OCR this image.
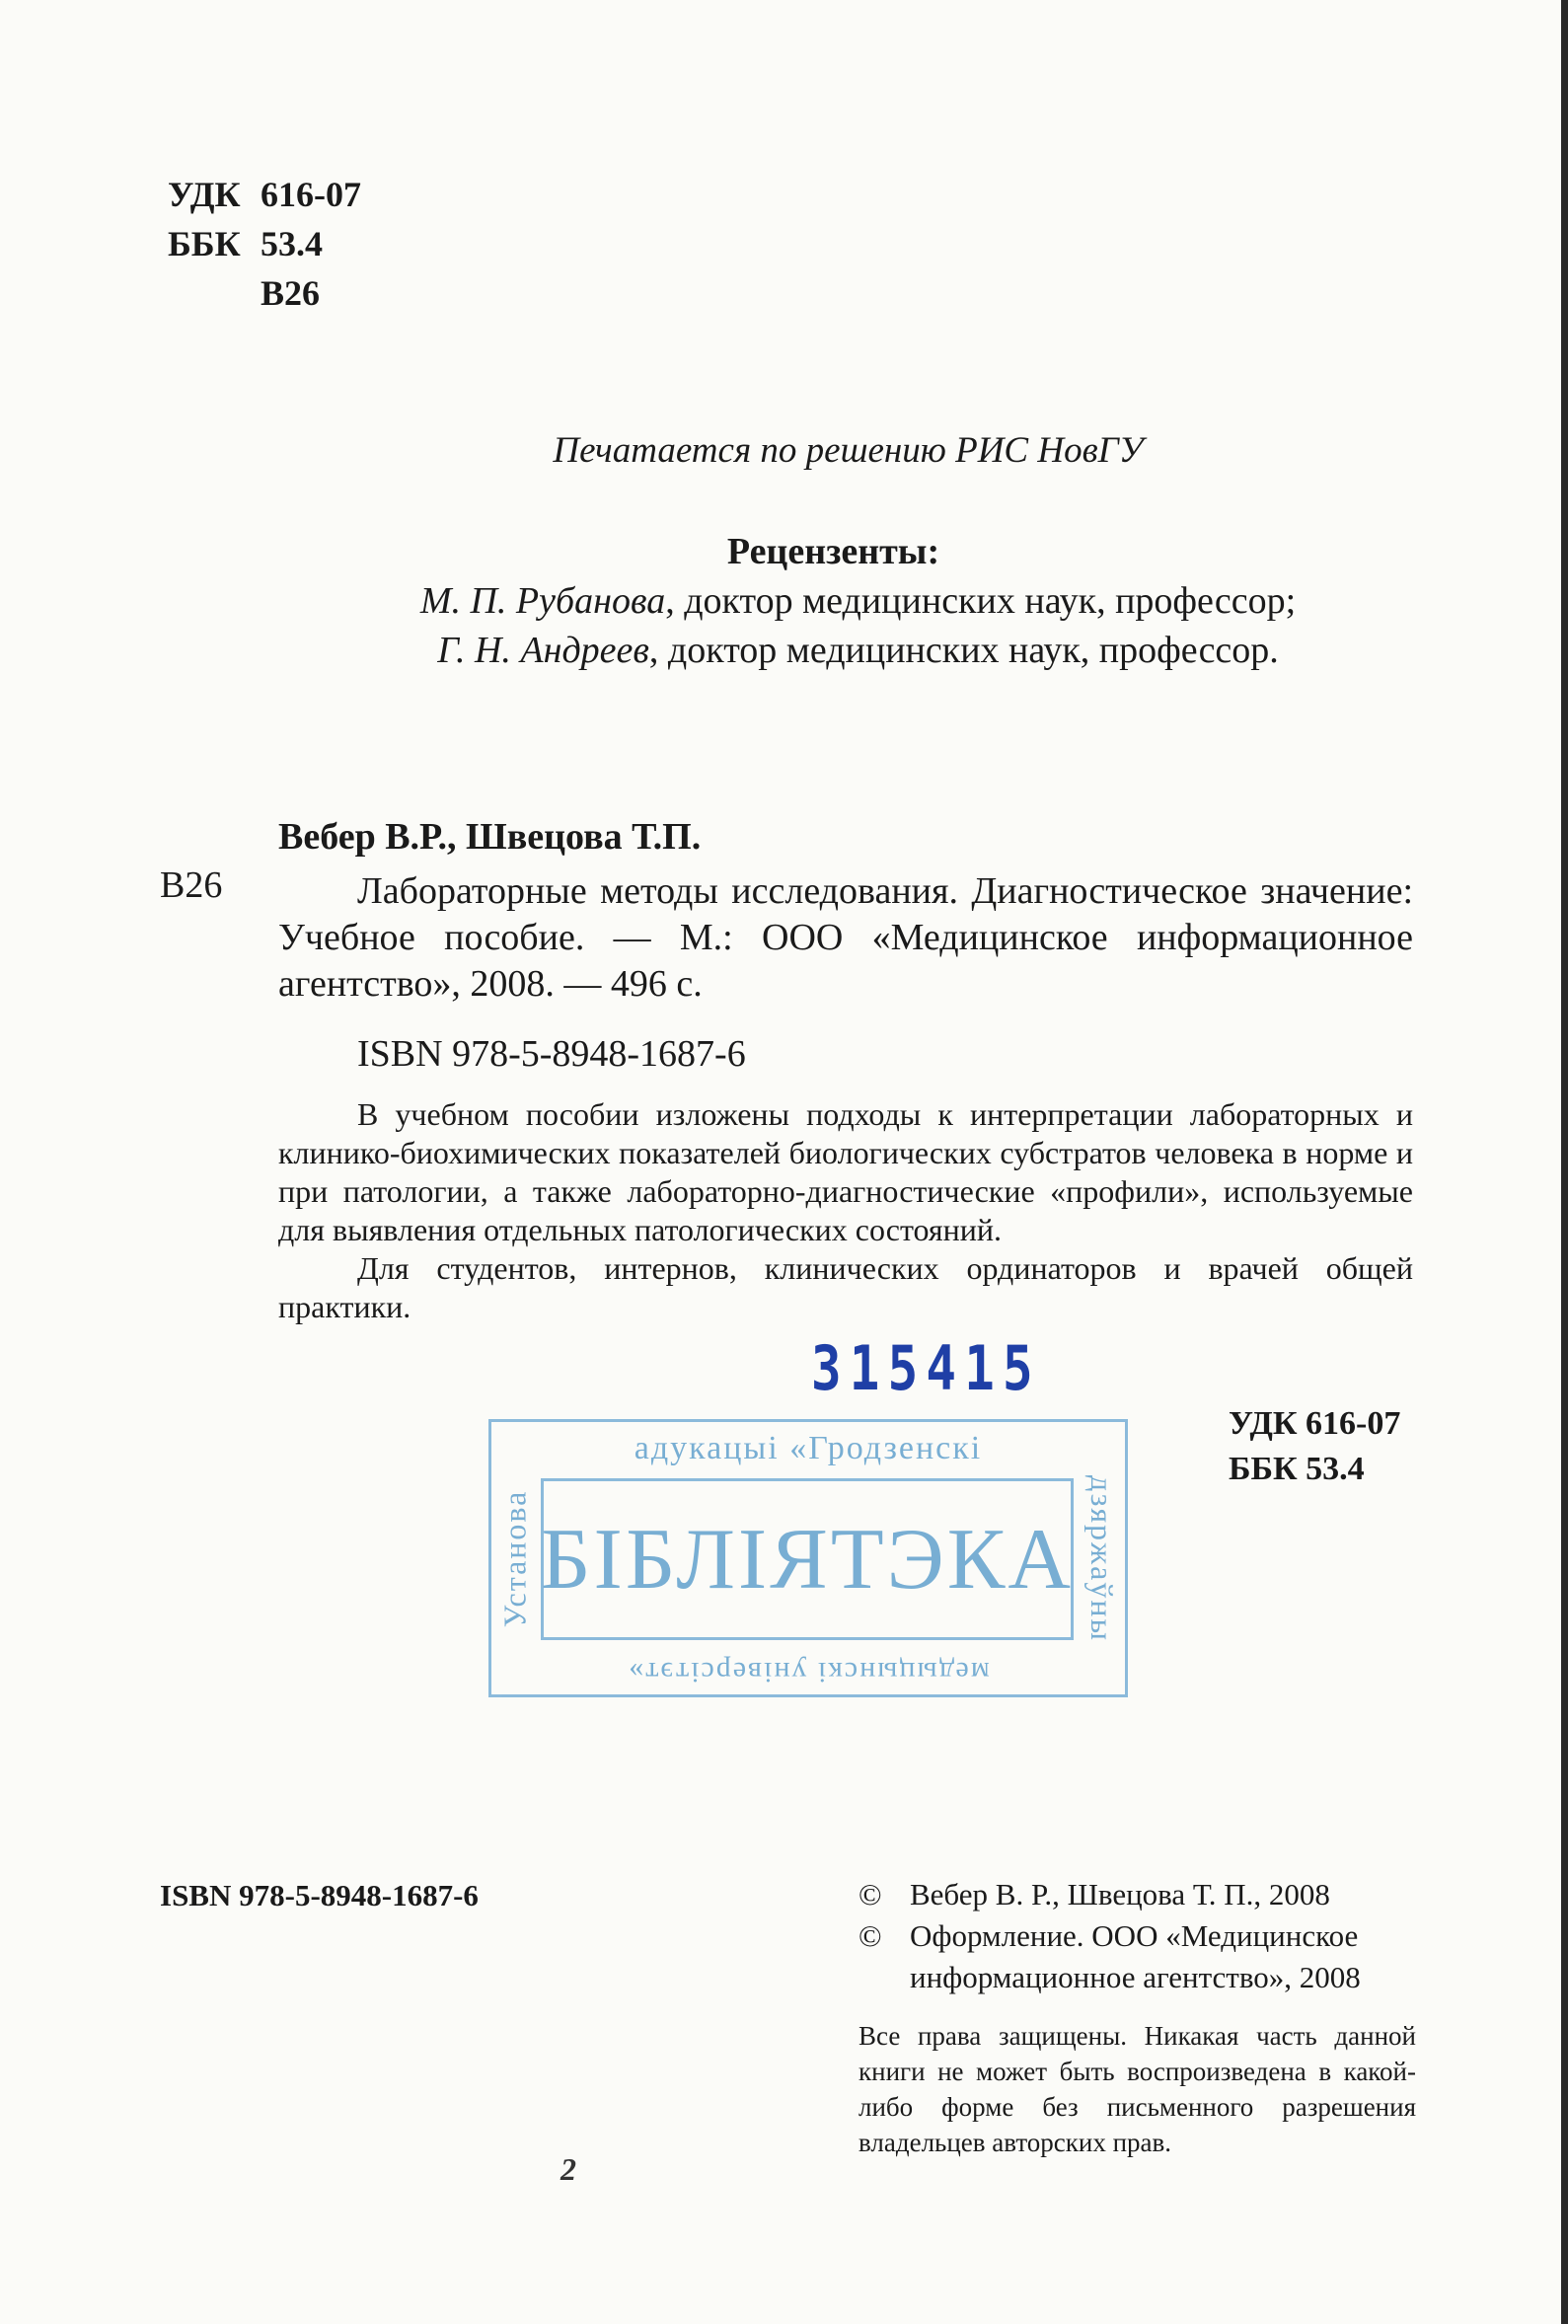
УДК 616-07
ББК 53.4
В26
Печатается по решению РИС НовГУ
Рецензенты:
М. П. Рубанова, доктор медицинских наук, профессор;
Г. Н. Андреев, доктор медицинских наук, профессор.
Вебер В.Р., Швецова Т.П.
В26	Лабораторные методы исследования. Диагностическое значение: Учебное пособие. — М.: ООО «Медицинское информационное агентство», 2008. — 496 с.
ISBN 978-5-8948-1687-6

В учебном пособии изложены подходы к интерпретации лабораторных и клинико-биохимических показателей биологических субстратов человека в норме и при патологии, а также лабораторно-диагностические «профили», используемые для выявления отдельных патологических состояний.

Для студентов, интернов, клинических ординаторов и врачей общей практики.

315415
УДК 616-07
ББК 53.4
адукацыі «Гродзенскі
Установа	дзяржаўны
БІБЛІЯТЭКА
медыцынскі універсітэт»
ISBN 978-5-8948-1687-6	© Вебер В. Р., Швецова Т. П., 2008
© Оформление. ООО «Медицинское
информационное агентство», 2008
Все права защищены. Никакая часть данной книги не может быть воспроизведена в какой-либо форме без письменного разрешения владельцев авторских прав.
2
